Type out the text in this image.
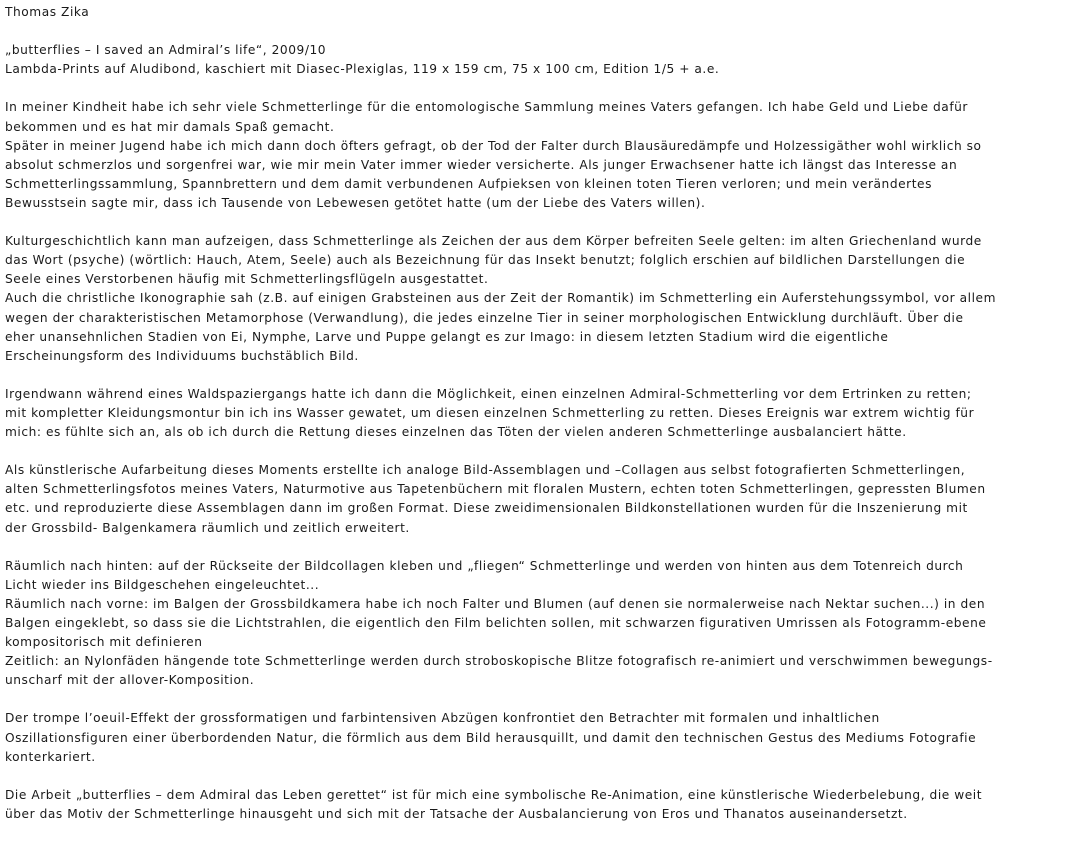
Thomas Zika
„butterflies – I saved an Admiral’s life“, 2009/10
Lambda-Prints auf Aludibond, kaschiert mit Diasec-Plexiglas, 119 x 159 cm, 75 x 100 cm, Edition 1/5 + a.e.
In meiner Kindheit habe ich sehr viele Schmetterlinge für die entomologische Sammlung meines Vaters gefangen. Ich habe Geld und Liebe dafür
bekommen und es hat mir damals Spaß gemacht.
Später in meiner Jugend habe ich mich dann doch öfters gefragt, ob der Tod der Falter durch Blausäuredämpfe und Holzessigäther wohl wirklich so
absolut schmerzlos und sorgenfrei war, wie mir mein Vater immer wieder versicherte. Als junger Erwachsener hatte ich längst das Interesse an
Schmetterlingssammlung, Spannbrettern und dem damit verbundenen Aufpieksen von kleinen toten Tieren verloren; und mein verändertes
Bewusstsein sagte mir, dass ich Tausende von Lebewesen getötet hatte (um der Liebe des Vaters willen).
Kulturgeschichtlich kann man aufzeigen, dass Schmetterlinge als Zeichen der aus dem Körper befreiten Seele gelten: im alten Griechenland wurde
das Wort (psyche) (wörtlich: Hauch, Atem, Seele) auch als Bezeichnung für das Insekt benutzt; folglich erschien auf bildlichen Darstellungen die
Seele eines Verstorbenen häufig mit Schmetterlingsflügeln ausgestattet.
Auch die christliche Ikonographie sah (z.B. auf einigen Grabsteinen aus der Zeit der Romantik) im Schmetterling ein Auferstehungssymbol, vor allem
wegen der charakteristischen Metamorphose (Verwandlung), die jedes einzelne Tier in seiner morphologischen Entwicklung durchläuft. Über die
eher unansehnlichen Stadien von Ei, Nymphe, Larve und Puppe gelangt es zur Imago: in diesem letzten Stadium wird die eigentliche
Erscheinungsform des Individuums buchstäblich Bild.
Irgendwann während eines Waldspaziergangs hatte ich dann die Möglichkeit, einen einzelnen Admiral-Schmetterling vor dem Ertrinken zu retten;
mit kompletter Kleidungsmontur bin ich ins Wasser gewatet, um diesen einzelnen Schmetterling zu retten. Dieses Ereignis war extrem wichtig für
mich: es fühlte sich an, als ob ich durch die Rettung dieses einzelnen das Töten der vielen anderen Schmetterlinge ausbalanciert hätte.
Als künstlerische Aufarbeitung dieses Moments erstellte ich analoge Bild-Assemblagen und –Collagen aus selbst fotografierten Schmetterlingen,
alten Schmetterlingsfotos meines Vaters, Naturmotive aus Tapetenbüchern mit floralen Mustern, echten toten Schmetterlingen, gepressten Blumen
etc. und reproduzierte diese Assemblagen dann im großen Format. Diese zweidimensionalen Bildkonstellationen wurden für die Inszenierung mit
der Grossbild- Balgenkamera räumlich und zeitlich erweitert.
Räumlich nach hinten: auf der Rückseite der Bildcollagen kleben und „fliegen“ Schmetterlinge und werden von hinten aus dem Totenreich durch
Licht wieder ins Bildgeschehen eingeleuchtet...
Räumlich nach vorne: im Balgen der Grossbildkamera habe ich noch Falter und Blumen (auf denen sie normalerweise nach Nektar suchen...) in den
Balgen eingeklebt, so dass sie die Lichtstrahlen, die eigentlich den Film belichten sollen, mit schwarzen figurativen Umrissen als Fotogramm-ebene
kompositorisch mit definieren
Zeitlich: an Nylonfäden hängende tote Schmetterlinge werden durch stroboskopische Blitze fotografisch re-animiert und verschwimmen bewegungs-
unscharf mit der allover-Komposition.
Der trompe l’oeuil-Effekt der grossformatigen und farbintensiven Abzügen konfrontiet den Betrachter mit formalen und inhaltlichen
Oszillationsfiguren einer überbordenden Natur, die förmlich aus dem Bild herausquillt, und damit den technischen Gestus des Mediums Fotografie
konterkariert.
Die Arbeit „butterflies – dem Admiral das Leben gerettet“ ist für mich eine symbolische Re-Animation, eine künstlerische Wiederbelebung, die weit
über das Motiv der Schmetterlinge hinausgeht und sich mit der Tatsache der Ausbalancierung von Eros und Thanatos auseinandersetzt.
